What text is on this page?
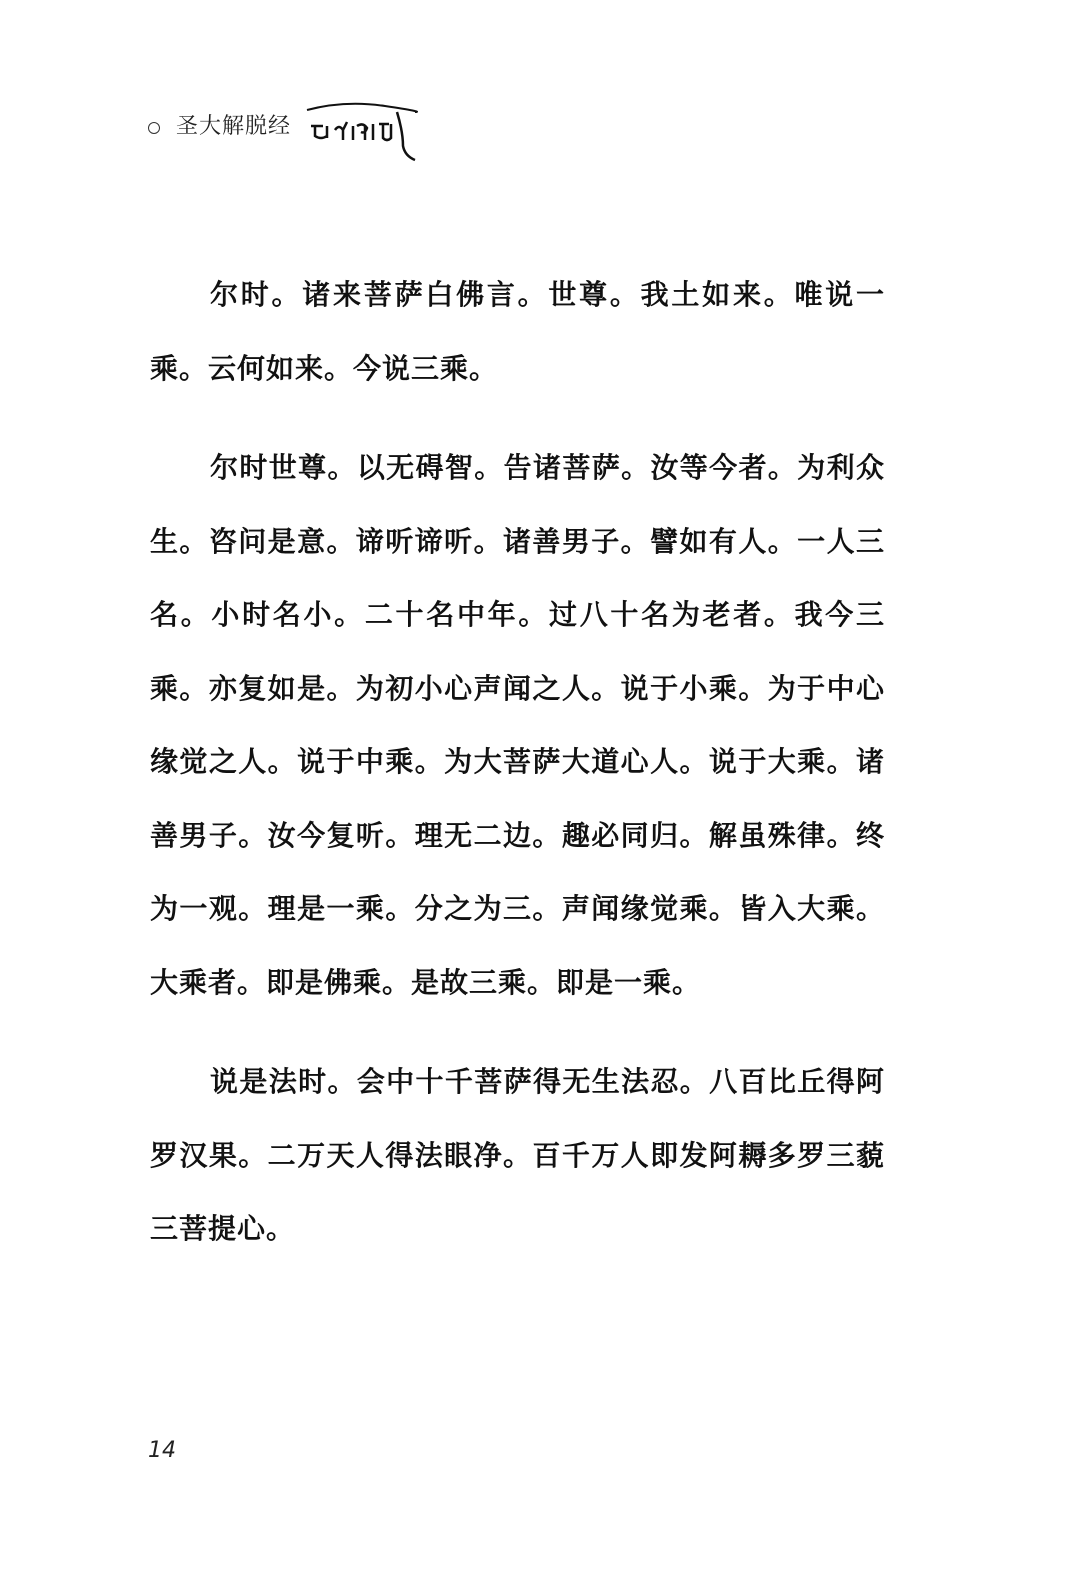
圣大解脱经

尔时。诸来菩萨白佛言。世尊。我土如来。唯说一乘。云何如来。今说三乘。

尔时世尊。以无碍智。告诸菩萨。汝等今者。为利众生。咨问是意。谛听谛听。诸善男子。譬如有人。一人三名。小时名小。二十名中年。过八十名为老者。我今三乘。亦复如是。为初小心声闻之人。说于小乘。为于中心缘觉之人。说于中乘。为大菩萨大道心人。说于大乘。诸善男子。汝今复听。理无二边。趣必同归。解虽殊律。终为一观。理是一乘。分之为三。声闻缘觉乘。皆入大乘。大乘者。即是佛乘。是故三乘。即是一乘。

说是法时。会中十千菩萨得无生法忍。八百比丘得阿罗汉果。二万天人得法眼净。百千万人即发阿耨多罗三藐三菩提心。

14
